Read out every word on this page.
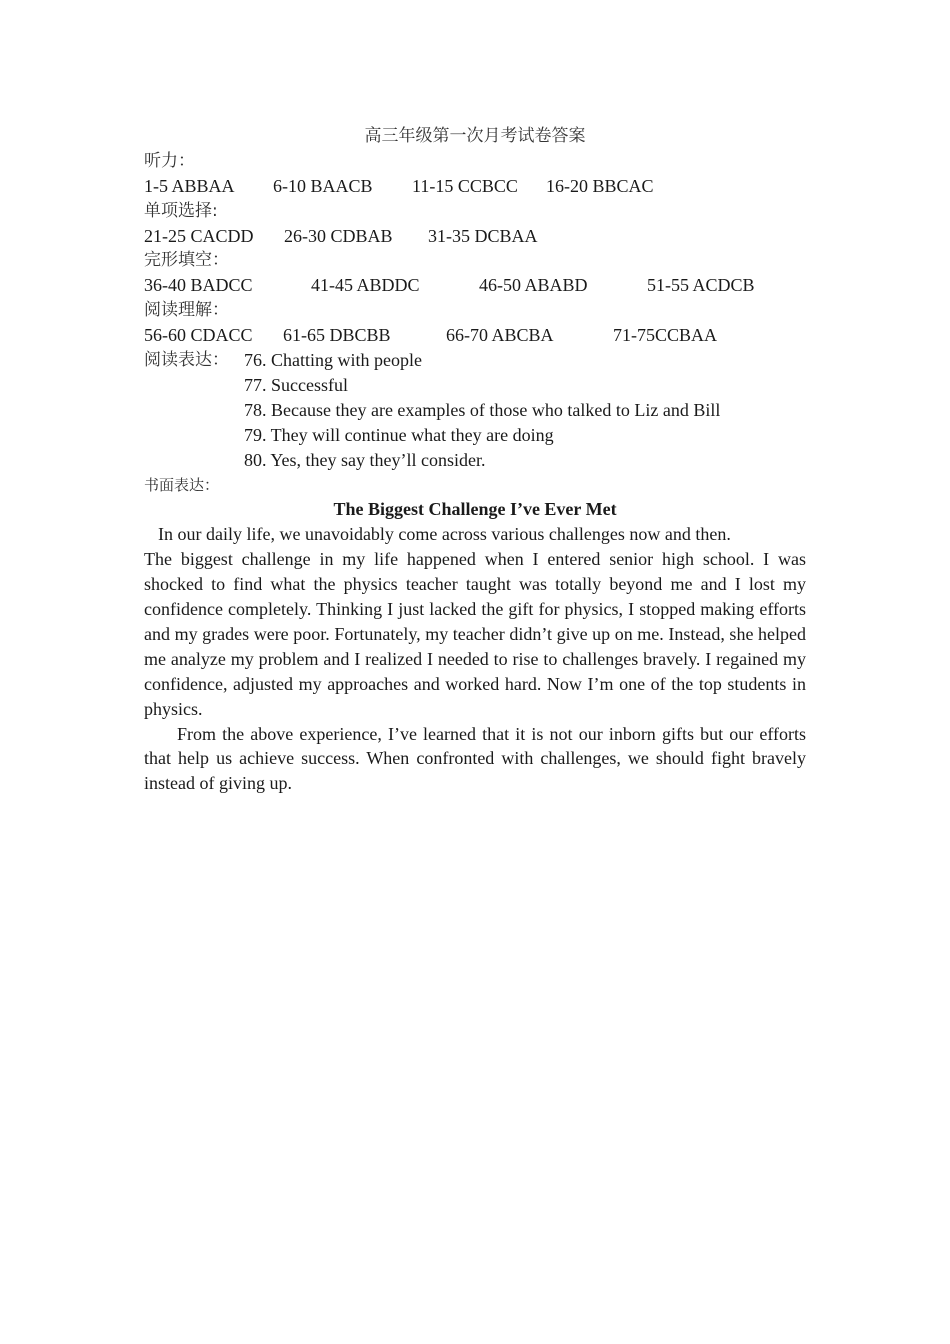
高三年级第一次月考试卷答案
听力：
1-5 ABBAA 6-10 BAACB 11-15 CCBCC 16-20 BBCAC
单项选择:
21-25 CACDD 26-30 CDBAB 31-35 DCBAA
完形填空：
36-40 BADCC	41-45 ABDDC	46-50 ABABD	51-55 ACDCB
阅读理解：
56-60 CDACC 61-65 DBCBB	66-70 ABCBA	71-75CCBAA
阅读表达： 76. Chatting with people
77. Successful
78. Because they are examples of those who talked to Liz and Bill
79. They will continue what they are doing
80. Yes, they say they’ll consider.
书面表达：
The Biggest Challenge I’ve Ever Met
In our daily life, we unavoidably come across various challenges now and then.

The biggest challenge in my life happened when I entered senior high school. I was shocked to find what the physics teacher taught was totally beyond me and I lost my confidence completely. Thinking I just lacked the gift for physics, I stopped making efforts and my grades were poor. Fortunately, my teacher didn’t give up on me. Instead, she helped me analyze my problem and I realized I needed to rise to challenges bravely. I regained my confidence, adjusted my approaches and worked hard. Now I’m one of the top students in physics.

From the above experience, I’ve learned that it is not our inborn gifts but our efforts that help us achieve success. When confronted with challenges, we should fight bravely instead of giving up.
